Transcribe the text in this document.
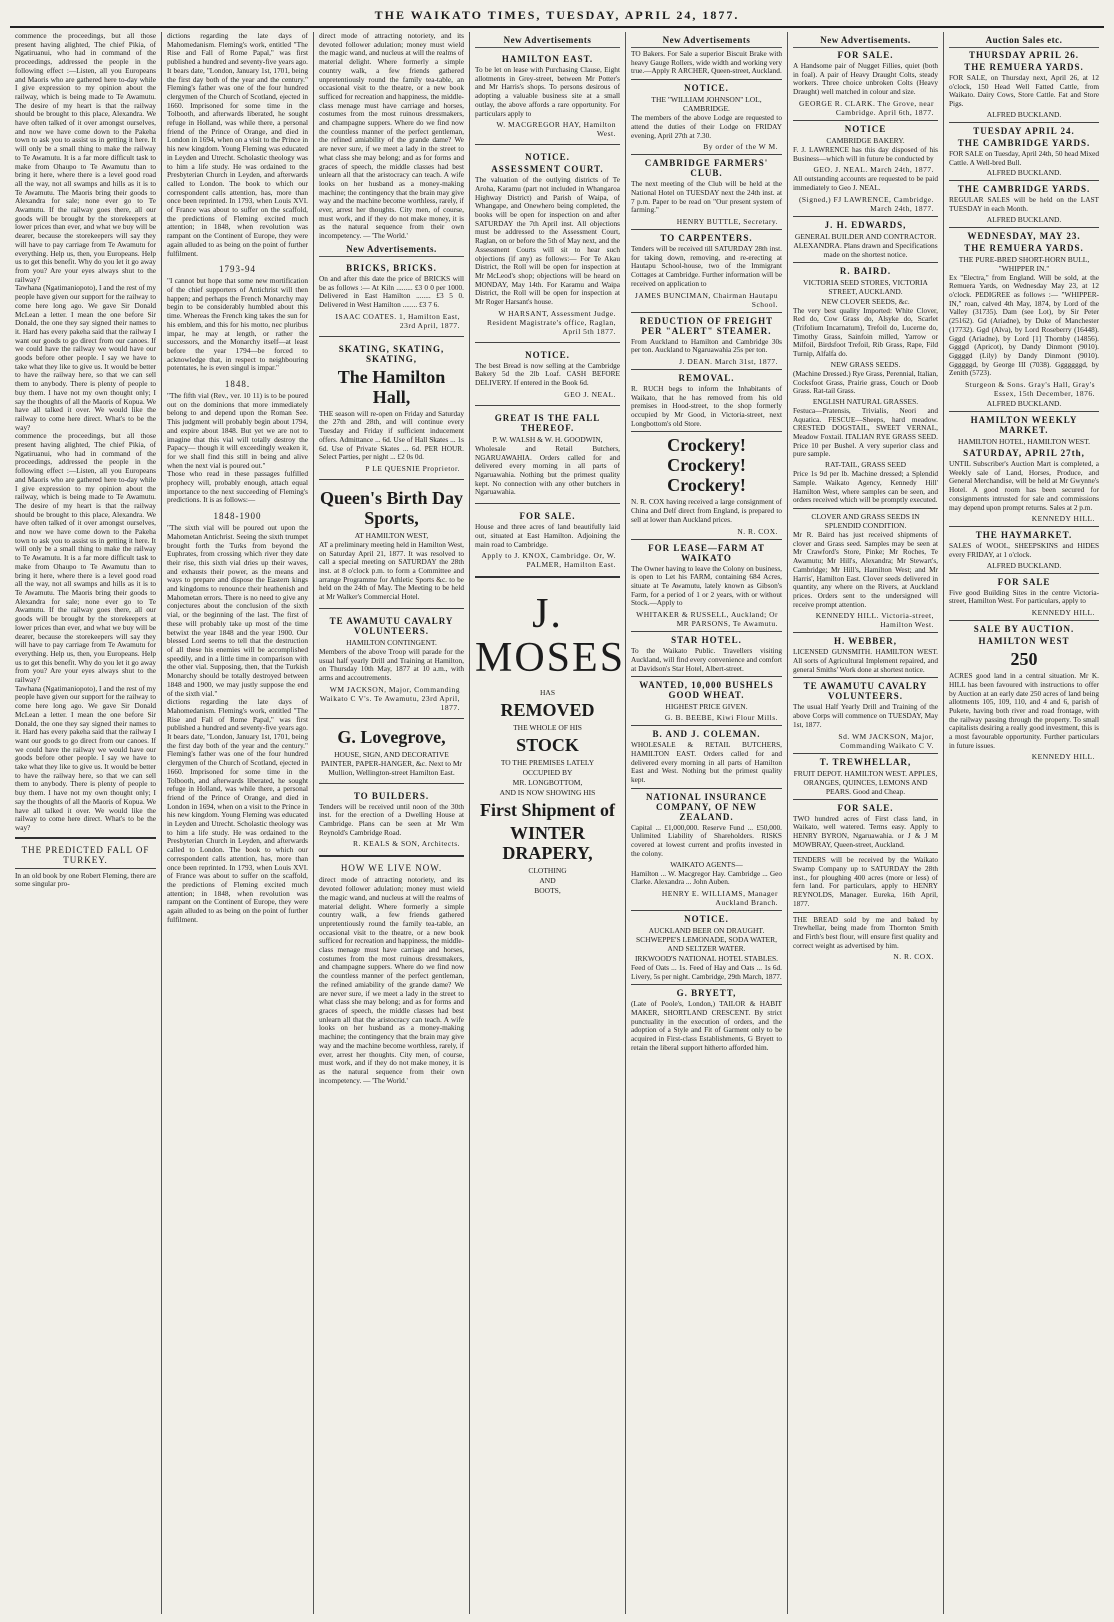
THE WAIKATO TIMES, TUESDAY, APRIL 24, 1877.

commence the proceedings, but all those present having alighted, The chief Pikia, of Ngatiruanui, who had in command of the proceedings, addressed the people in the following effect :—Listen, all you Europeans and Maoris who are gathered here to-day while I give expression to my opinion about the railway, which is being made to Te Awamutu. The desire of my heart is that the railway should be brought to this place, Alexandra. We have often talked of it over amongst ourselves, and now we have come down to the Pakeha town to ask you to assist us in getting it here. It will only be a small thing to make the railway to Te Awamutu. It is a far more difficult task to make from Ohaupo to Te Awamutu than to bring it here, where there is a level good road all the way, not all swamps and hills as it is to Te Awamutu. The Maoris bring their goods to Alexandra for sale; none ever go to Te Awamutu. If the railway goes there, all our goods will be brought by the storekeepers at lower prices than ever, and what we buy will be dearer, because the storekeepers will say they will have to pay carriage from Te Awamutu for everything. Help us, then, you Europeans. Help us to get this benefit. Why do you let it go away from you? Are your eyes always shut to the railway?

Tawhana (Ngatimaniopoto), I and the rest of my people have given our support for the railway to come here long ago. We gave Sir Donald McLean a letter. I mean the one before Sir Donald, the one they say signed their names to it. Hard has every pakeha said that the railway I want our goods to go direct from our canoes. If we could have the railway we would have our goods before other people. I say we have to take what they like to give us. It would be better to have the railway here, so that we can sell them to anybody. There is plenty of people to buy them. I have not my own thought only; I say the thoughts of all the Maoris of Kopua. We have all talked it over. We would like the railway to come here direct. What's to be the way?

commence the proceedings, but all those present having alighted, The chief Pikia, of Ngatiruanui, who had in command of the proceedings, addressed the people in the following effect :—Listen, all you Europeans and Maoris who are gathered here to-day while I give expression to my opinion about the railway, which is being made to Te Awamutu. The desire of my heart is that the railway should be brought to this place, Alexandra. We have often talked of it over amongst ourselves, and now we have come down to the Pakeha town to ask you to assist us in getting it here. It will only be a small thing to make the railway to Te Awamutu. It is a far more difficult task to make from Ohaupo to Te Awamutu than to bring it here, where there is a level good road all the way, not all swamps and hills as it is to Te Awamutu. The Maoris bring their goods to Alexandra for sale; none ever go to Te Awamutu. If the railway goes there, all our goods will be brought by the storekeepers at lower prices than ever, and what we buy will be dearer, because the storekeepers will say they will have to pay carriage from Te Awamutu for everything. Help us, then, you Europeans. Help us to get this benefit. Why do you let it go away from you? Are your eyes always shut to the railway?

Tawhana (Ngatimaniopoto), I and the rest of my people have given our support for the railway to come here long ago. We gave Sir Donald McLean a letter. I mean the one before Sir Donald, the one they say signed their names to it. Hard has every pakeha said that the railway I want our goods to go direct from our canoes. If we could have the railway we would have our goods before other people. I say we have to take what they like to give us. It would be better to have the railway here, so that we can sell them to anybody. There is plenty of people to buy them. I have not my own thought only; I say the thoughts of all the Maoris of Kopua. We have all talked it over. We would like the railway to come here direct. What's to be the way?

THE PREDICTED FALL OF TURKEY.

In an old book by one Robert Fleming, there are some singular pro-

dictions regarding the late days of Mahomedanism. Fleming's work, entitled "The Rise and Fall of Rome Papal," was first published a hundred and seventy-five years ago. It bears date, "London, January 1st, 1701, being the first day both of the year and the century." Fleming's father was one of the four hundred clergymen of the Church of Scotland, ejected in 1660. Imprisoned for some time in the Tolbooth, and afterwards liberated, he sought refuge in Holland, was while there, a personal friend of the Prince of Orange, and died in London in 1694, when on a visit to the Prince in his new kingdom. Young Fleming was educated in Leyden and Utrecht. Scholastic theology was to him a life study. He was ordained to the Presbyterian Church in Leyden, and afterwards called to London. The book to which our correspondent calls attention, has, more than once been reprinted. In 1793, when Louis XVI. of France was about to suffer on the scaffold, the predictions of Fleming excited much attention; in 1848, when revolution was rampant on the Continent of Europe, they were again alluded to as being on the point of further fulfilment.

1793-94

"I cannot but hope that some new mortification of the chief supporters of Antichrist will then happen; and perhaps the French Monarchy may begin to be considerably humbled about this time. Whereas the French king takes the sun for his emblem, and this for his motto, nec pluribus impar, he may at length, or rather the successors, and the Monarchy itself—at least before the year 1794—be forced to acknowledge that, in respect to neighbouring potentates, he is even singul is impar."

1848.

"The fifth vial (Rev., ver. 10 11) is to be poured out on the dominions that more immediately belong to and depend upon the Roman See. This judgment will probably begin about 1794, and expire about 1848. But yet we are not to imagine that this vial will totally destroy the Papacy— though it will exceedingly weaken it, for we shall find this still in being and alive when the next vial is poured out."

Those who read in these passages fulfilled prophecy will, probably enough, attach equal importance to the next succeeding of Fleming's predictions. It is as follows:—

1848-1900

"The sixth vial will be poured out upon the Mahometan Antichrist. Seeing the sixth trumpet brought forth the Turks from beyond the Euphrates, from crossing which river they date their rise, this sixth vial dries up their waves, and exhausts their power, as the means and ways to prepare and dispose the Eastern kings and kingdoms to renounce their heathenish and Mahometan errors. There is no need to give any conjectures about the conclusion of the sixth vial, or the beginning of the last. The first of these will probably take up most of the time betwixt the year 1848 and the year 1900. Our blessed Lord seems to tell that the destruction of all these his enemies will be accomplished speedily, and in a little time in comparison with the other vial. Supposing, then, that the Turkish Monarchy should be totally destroyed between 1848 and 1900, we may justly suppose the end of the sixth vial."

dictions regarding the late days of Mahomedanism. Fleming's work, entitled "The Rise and Fall of Rome Papal," was first published a hundred and seventy-five years ago. It bears date, "London, January 1st, 1701, being the first day both of the year and the century." Fleming's father was one of the four hundred clergymen of the Church of Scotland, ejected in 1660. Imprisoned for some time in the Tolbooth, and afterwards liberated, he sought refuge in Holland, was while there, a personal friend of the Prince of Orange, and died in London in 1694, when on a visit to the Prince in his new kingdom. Young Fleming was educated in Leyden and Utrecht. Scholastic theology was to him a life study. He was ordained to the Presbyterian Church in Leyden, and afterwards called to London. The book to which our correspondent calls attention, has, more than once been reprinted. In 1793, when Louis XVI. of France was about to suffer on the scaffold, the predictions of Fleming excited much attention; in 1848, when revolution was rampant on the Continent of Europe, they were again alluded to as being on the point of further fulfilment.

direct mode of attracting notoriety, and its devoted follower adulation; money must wield the magic wand, and nucleus at will the realms of material delight. Where formerly a simple country walk, a few friends gathered unpretentiously round the family tea-table, an occasional visit to the theatre, or a new book sufficed for recreation and happiness, the middle-class menage must have carriage and horses, costumes from the most ruinous dressmakers, and champagne suppers. Where do we find now the countless manner of the perfect gentleman, the refined amiability of the grande dame? We are never sure, if we meet a lady in the street to what class she may belong; and as for forms and graces of speech, the middle classes had best unlearn all that the aristocracy can teach. A wife looks on her husband as a money-making machine; the contingency that the brain may give way and the machine become worthless, rarely, if ever, arrest her thoughts. City men, of course, must work, and if they do not make money, it is as the natural sequence from their own incompetency. — 'The World.'

New Advertisements.
BRICKS, BRICKS.

On and after this date the price of BRICKS will be as follows :— At Kiln ......... £3 0 0 per 1000. Delivered in East Hamilton ........ £3 5 0. Delivered in West Hamilton ........ £3 7 6.

ISAAC COATES. 1, Hamilton East, 23rd April, 1877.
SKATING, SKATING, SKATING,
The Hamilton Hall,

THE season will re-open on Friday and Saturday the 27th and 28th, and will continue every Tuesday and Friday if sufficient inducement offers. Admittance ... 6d. Use of Hall Skates ... 1s 6d. Use of Private Skates ... 6d. PER HOUR. Select Parties, per night ... £2 0s 0d.

P LE QUESNIE Proprietor.
Queen's Birth Day Sports,
AT HAMILTON WEST,

AT a preliminary meeting held in Hamilton West, on Saturday April 21, 1877. It was resolved to call a special meeting on SATURDAY the 28th inst. at 8 o'clock p.m. to form a Committee and arrange Programme for Athletic Sports &c. to be held on the 24th of May. The Meeting to be held at Mr Walker's Commercial Hotel.

TE AWAMUTU CAVALRY VOLUNTEERS.
HAMILTON CONTINGENT.

Members of the above Troop will parade for the usual half yearly Drill and Training at Hamilton, on Thursday 10th May, 1877 at 10 a.m., with arms and accoutrements.

WM JACKSON, Major, Commanding Waikato C V's. Te Awamutu, 23rd April, 1877.
G. Lovegrove,

HOUSE, SIGN, AND DECORATIVE PAINTER, PAPER-HANGER, &c. Next to Mr Mullion, Wellington-street Hamilton East.

TO BUILDERS.

Tenders will be received until noon of the 30th inst. for the erection of a Dwelling House at Cambridge. Plans can be seen at Mr Wm Reynold's Cambridge Road.

R. KEALS & SON, Architects.
HOW WE LIVE NOW.

direct mode of attracting notoriety, and its devoted follower adulation; money must wield the magic wand, and nucleus at will the realms of material delight. Where formerly a simple country walk, a few friends gathered unpretentiously round the family tea-table, an occasional visit to the theatre, or a new book sufficed for recreation and happiness, the middle-class menage must have carriage and horses, costumes from the most ruinous dressmakers, and champagne suppers. Where do we find now the countless manner of the perfect gentleman, the refined amiability of the grande dame? We are never sure, if we meet a lady in the street to what class she may belong; and as for forms and graces of speech, the middle classes had best unlearn all that the aristocracy can teach. A wife looks on her husband as a money-making machine; the contingency that the brain may give way and the machine become worthless, rarely, if ever, arrest her thoughts. City men, of course, must work, and if they do not make money, it is as the natural sequence from their own incompetency. — 'The World.'

New Advertisements
HAMILTON EAST.

To be let on lease with Purchasing Clause, Eight allotments in Grey-street, between Mr Potter's and Mr Harris's shops. To persons desirous of adopting a valuable business site at a small outlay, the above affords a rare opportunity. For particulars apply to

W. MACGREGOR HAY, Hamilton West.
NOTICE.
ASSESSMENT COURT.

The valuation of the outlying districts of Te Aroha, Karamu (part not included in Whangaroa Highway District) and Parish of Waipa, of Whangape, and Onewhero being completed, the books will be open for inspection on and after SATURDAY the 7th April inst. All objections must be addressed to the Assessment Court, Raglan, on or before the 5th of May next, and the Assessment Courts will sit to hear such objections (if any) as follows:— For Te Akau District, the Roll will be open for inspection at Mr McLeod's shop; objections will be heard on MONDAY, May 14th. For Karamu and Waipa District, the Roll will be open for inspection at Mr Roger Harsant's house.

W HARSANT, Assessment Judge. Resident Magistrate's office, Raglan, April 5th 1877.
NOTICE.

The best Bread is now selling at the Cambridge Bakery 5d the 2lb Loaf. CASH BEFORE DELIVERY. If entered in the Book 6d.

GEO J. NEAL.
GREAT IS THE FALL THEREOF.
P. W. WALSH & W. H. GOODWIN,

Wholesale and Retail Butchers, NGARUAWAHIA. Orders called for and delivered every morning in all parts of Ngaruawahia. Nothing but the primest quality kept. No connection with any other butchers in Ngaruawahia.

FOR SALE.

House and three acres of land beautifully laid out, situated at East Hamilton. Adjoining the main road to Cambridge.

Apply to J. KNOX, Cambridge. Or, W. PALMER, Hamilton East.
J. MOSES
HAS
REMOVED
THE WHOLE OF HIS
STOCK
TO THE PREMISES LATELY
OCCUPIED BY
MR. LONGBOTTOM,
AND IS NOW SHOWING HIS
First Shipment of
WINTER DRAPERY,
CLOTHING
AND
BOOTS,
New Advertisements

TO Bakers. For Sale a superior Biscuit Brake with heavy Gauge Rollers, wide width and working very true.—Apply R ARCHER, Queen-street, Auckland.

NOTICE.
THE "WILLIAM JOHNSON" LOL, CAMBRIDGE.

The members of the above Lodge are requested to attend the duties of their Lodge on FRIDAY evening, April 27th at 7.30.

By order of the W M.
CAMBRIDGE FARMERS' CLUB.

The next meeting of the Club will be held at the National Hotel on TUESDAY next the 24th inst. at 7 p.m. Paper to be read on "Our present system of farming."

HENRY BUTTLE, Secretary.
TO CARPENTERS.

Tenders will be received till SATURDAY 28th inst. for taking down, removing, and re-erecting at Hautapu School-house, two of the Immigrant Cottages at Cambridge. Further information will be received on application to

JAMES BUNCIMAN, Chairman Hautapu School.
REDUCTION OF FREIGHT PER "ALERT" STEAMER.

From Auckland to Hamilton and Cambridge 30s per ton. Auckland to Ngaruawahia 25s per ton.

J. DEAN. March 31st, 1877.
REMOVAL.

R. RUCH begs to inform the Inhabitants of Waikato, that he has removed from his old premises in Hood-street, to the shop formerly occupied by Mr Good, in Victoria-street, next Longbottom's old Store.

Crockery! Crockery! Crockery!

N. R. COX having received a large consignment of China and Delf direct from England, is prepared to sell at lower than Auckland prices.

N. R. COX.
FOR LEASE—FARM AT WAIKATO

The Owner having to leave the Colony on business, is open to Let his FARM, containing 684 Acres, situate at Te Awamutu, lately known as Gibson's Farm, for a period of 1 or 2 years, with or without Stock.—Apply to

WHITAKER & RUSSELL, Auckland; Or MR PARSONS, Te Awamutu.
STAR HOTEL.

To the Waikato Public. Travellers visiting Auckland, will find every convenience and comfort at Davidson's Star Hotel, Albert-street.

WANTED, 10,000 BUSHELS GOOD WHEAT.
HIGHEST PRICE GIVEN.
G. B. BEEBE, Kiwi Flour Mills.
B. AND J. COLEMAN.

WHOLESALE & RETAIL BUTCHERS, HAMILTON EAST. Orders called for and delivered every morning in all parts of Hamilton East and West. Nothing but the primest quality kept.

NATIONAL INSURANCE COMPANY, OF NEW ZEALAND.

Capital ... £1,000,000. Reserve Fund ... £50,000. Unlimited Liability of Shareholders. RISKS covered at lowest current and profits invested in the colony.

WAIKATO AGENTS—

Hamilton ... W. Macgregor Hay. Cambridge ... Geo Clarke. Alexandra ... John Auben.

HENRY E. WILLIAMS, Manager Auckland Branch.
NOTICE.

AUCKLAND BEER ON DRAUGHT. SCHWEPPE'S LEMONADE, SODA WATER, AND SELTZER WATER.

IRKWOOD'S NATIONAL HOTEL STABLES.

Feed of Oats ... 1s. Feed of Hay and Oats ... 1s 6d. Livery, 5s per night. Cambridge, 29th March, 1877.

G. BRYETT,

(Late of Poole's, London,) TAILOR & HABIT MAKER, SHORTLAND CRESCENT. By strict punctuality in the execution of orders, and the adoption of a Style and Fit of Garment only to be acquired in First-class Establishments, G Bryett to retain the liberal support hitherto afforded him.

New Advertisements.
FOR SALE.

A Handsome pair of Nugget Fillies, quiet (both in foal). A pair of Heavy Draught Colts, steady workers. Three choice unbroken Colts (Heavy Draught) well matched in colour and size.

GEORGE R. CLARK. The Grove, near Cambridge. April 6th, 1877.
NOTICE
CAMBRIDGE BAKERY.

F. J. LAWRENCE has this day disposed of his Business—which will in future be conducted by

GEO. J. NEAL. March 24th, 1877.

All outstanding accounts are requested to be paid immediately to Geo J. NEAL.

(Signed,) FJ LAWRENCE, Cambridge. March 24th, 1877.
J. H. EDWARDS,

GENERAL BUILDER AND CONTRACTOR. ALEXANDRA. Plans drawn and Specifications made on the shortest notice.

R. BAIRD.

VICTORIA SEED STORES, VICTORIA STREET, AUCKLAND.

NEW CLOVER SEEDS, &c.

The very best quality Imported: White Clover, Red do, Cow Grass do, Alsyke do, Scarlet (Trifolium Incarnatum), Trefoil do, Lucerne do, Timothy Grass, Sainfoin milled, Yarrow or Milfoil, Birdsfoot Trefoil, Rib Grass, Rape, Fild Turnip, Alfalfa do.

NEW GRASS SEEDS.

(Machine Dressed.) Rye Grass, Perennial, Italian, Cocksfoot Grass, Prairie grass, Couch or Doob Grass. Rat-tail Grass.

ENGLISH NATURAL GRASSES.

Festuca—Pratensis, Trivialis, Neori and Aquatica. FESCUE—Sheeps, hard meadow. CRESTED DOGSTAIL, SWEET VERNAL, Meadow Foxtail. ITALIAN RYE GRASS SEED. Price 10 per Bushel. A very superior class and pure sample.

RAT-TAIL, GRASS SEED

Price 1s 9d per lb. Machine dressed; a Splendid Sample. Waikato Agency, Kennedy Hill' Hamilton West, where samples can be seen, and orders received which will be promptly executed.

CLOVER AND GRASS SEEDS IN SPLENDID CONDITION.

Mr R. Baird has just received shipments of clover and Grass seed. Samples may be seen at Mr Crawford's Store, Pinke; Mr Roches, Te Awamutu; Mr Hill's, Alexandra; Mr Stewart's, Cambridge; Mr Hill's, Hamilton West; and Mr Harris', Hamilton East. Clover seeds delivered in quantity, any where on the Rivers, at Auckland prices. Orders sent to the undersigned will receive prompt attention.

KENNEDY HILL. Victoria-street, Hamilton West.
H. WEBBER,

LICENSED GUNSMITH. HAMILTON WEST. All sorts of Agricultural Implement repaired, and general Smiths' Work done at shortest notice.

TE AWAMUTU CAVALRY VOLUNTEERS.

The usual Half Yearly Drill and Training of the above Corps will commence on TUESDAY, May 1st, 1877.

Sd. WM JACKSON, Major, Commanding Waikato C V.
T. TREWHELLAR,

FRUIT DEPOT. HAMILTON WEST. APPLES, ORANGES, QUINCES, LEMONS AND PEARS. Good and Cheap.

FOR SALE.

TWO hundred acres of First class land, in Waikato, well watered. Terms easy. Apply to HENRY BYRON, Ngaruawahia. or J & J M MOWBRAY, Queen-street, Auckland.

TENDERS will be received by the Waikato Swamp Company up to SATURDAY the 28th inst., for ploughing 400 acres (more or less) of fern land. For particulars, apply to HENRY REYNOLDS, Manager. Eureka, 16th April, 1877.

THE BREAD sold by me and baked by Trewhellar, being made from Thornton Smith and Firth's best flour, will ensure first quality and correct weight as advertised by him.

N. R. COX.
Auction Sales etc.
THURSDAY APRIL 26.
THE REMUERA YARDS.

FOR SALE, on Thursday next, April 26, at 12 o'clock, 150 Head Well Fatted Cattle, from Waikato. Dairy Cows, Store Cattle. Fat and Store Pigs.

ALFRED BUCKLAND.
TUESDAY APRIL 24.
THE CAMBRIDGE YARDS.

FOR SALE on Tuesday, April 24th, 50 head Mixed Cattle. A Well-bred Bull.

ALFRED BUCKLAND.
THE CAMBRIDGE YARDS.

REGULAR SALES will be held on the LAST TUESDAY in each Month.

ALFRED BUCKLAND.
WEDNESDAY, MAY 23.
THE REMUERA YARDS.
THE PURE-BRED SHORT-HORN BULL, "WHIPPER IN."

Ex "Electra," from England. Will be sold, at the Remuera Yards, on Wednesday May 23, at 12 o'clock. PEDIGREE as follows :— "WHIPPER-IN," roan, calved 4th May, 1874, by Lord of the Valley (31735). Dam (see Lot), by Sir Peter (25162). Gd (Ariadne), by Duke of Manchester (17732). Ggd (Alva), by Lord Roseberry (16448). Gggd (Ariadne), by Lord [1] Thornby (14856). Ggggd (Apricot), by Dandy Dinmont (9010). Gggggd (Lily) by Dandy Dinmont (9010). Ggggggd, by George III (7038). Gggggggd, by Zenith (5723).

Sturgeon & Sons. Gray's Hall, Gray's Essex, 15th December, 1876.
ALFRED BUCKLAND.
HAMILTON WEEKLY MARKET.
HAMILTON HOTEL, HAMILTON WEST.
SATURDAY, APRIL 27th,

UNTIL Subscriber's Auction Mart is completed, a Weekly sale of Land, Horses, Produce, and General Merchandise, will be held at Mr Gwynne's Hotel. A good room has been secured for consignments intrusted for sale and commissions may depend upon prompt returns. Sales at 2 p.m.

KENNEDY HILL.
THE HAYMARKET.

SALES of WOOL, SHEEPSKINS and HIDES every FRIDAY, at 1 o'clock.

ALFRED BUCKLAND.
FOR SALE

Five good Building Sites in the centre Victoria-street, Hamilton West. For particulars, apply to

KENNEDY HILL.
SALE BY AUCTION.
HAMILTON WEST
250

ACRES good land in a central situation. Mr K. HILL has been favoured with instructions to offer by Auction at an early date 250 acres of land being allotments 105, 109, 110, and 4 and 6, parish of Pukete, having both river and road frontage, with the railway passing through the property. To small capitalists desiring a really good investment, this is a most favourable opportunity. Further particulars in future issues.

KENNEDY HILL.
